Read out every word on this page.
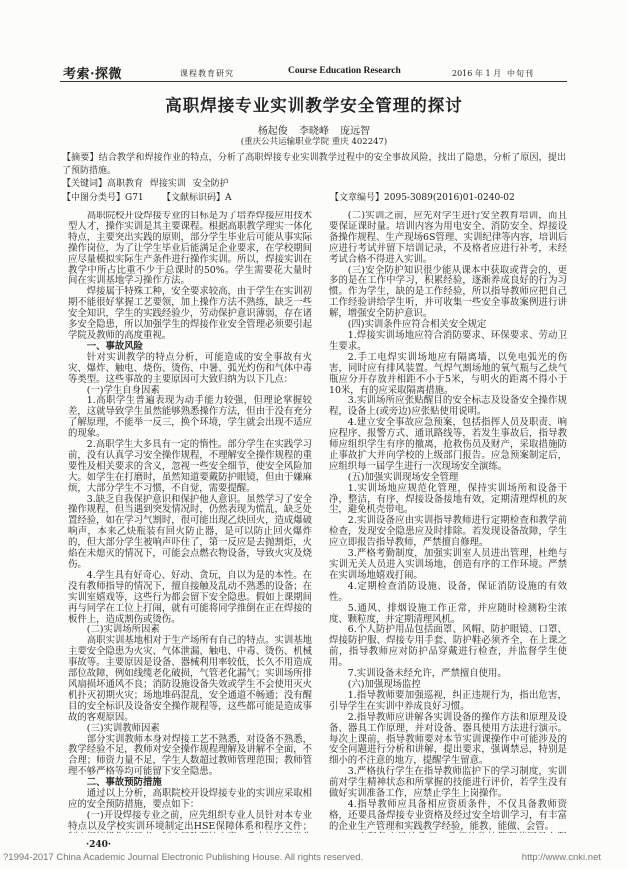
考索·探微	课程教育研究	Course Education Research	2016 年 1 月 中旬刊
高职焊接专业实训教学安全管理的探讨
杨起俊 李晓峰 庞远智
(重庆公共运输职业学院 重庆 402247)

【摘要】结合教学和焊接作业的特点，分析了高职焊接专业实训教学过程中的安全事故风险，找出了隐患，分析了原因，提出了预防措施。

【关键词】高职教育 焊接实训 安全防护

【中图分类号】G71 【文献标识码】A	【文章编号】2095-3089(2016)01-0240-02

高职院校开设焊接专业的目标是为了培养焊接应用技术型人才，操作实训是其主要课程。根据高职教学理实一体化特点，主要突出实践的原则，部分学生毕业后可能从事实际操作岗位，为了让学生毕业后能满足企业要求，在学校期间应尽量模拟实际生产条件进行操作实训。所以，焊接实训在教学中所占比重不少于总课时的50%。学生需要花大量时间在实训基地学习操作方法。

焊接属于特殊工种，安全要求较高，由于学生在实训初期不能很好掌握工艺要领，加上操作方法不熟练，缺乏一些安全知识，学生的实践经验少，劳动保护意识薄弱，存在诸多安全隐患，所以加强学生的焊接作业安全管理必须要引起学院及教师的高度重视。

一、事故风险

针对实训教学的特点分析，可能造成的安全事故有火灾、爆炸、触电、烧伤、烫伤、中暑、弧光灼伤和气体中毒等类型。这些事故的主要原因可大致归纳为以下几点：

(一)学生自身因素

1.高职学生普遍表现为动手能力较强，但理论掌握较差，这就导致学生虽然能够熟悉操作方法，但由于没有充分了解原理，不能举一反三，换个环境，学生就会出现不适应的现象。

2.高职学生大多具有一定的惰性。部分学生在实践学习前，没有认真学习安全操作规程，不理解安全操作规程的重要性及相关要求的含义，忽视一些安全细节，使安全风险加大。如学生在打磨时，虽然知道要戴防护眼镜，但由于嫌麻烦，大部分学生不习惯，不自觉，需要提醒。

3.缺乏自我保护意识和保护他人意识。虽然学习了安全操作规程，但当遇到突发情况时，仍然表现为慌乱，缺乏处置经验，如在学习气割时，很可能出现乙炔回火，造成爆破响声，本来乙炔瓶装有回火防止器，是可以防止回火爆炸的，但大部分学生被响声吓住了，第一反应是去抛割炬，火焰在未熄灭的情况下，可能会点燃衣物设备，导致火灾及烧伤。

4.学生具有好奇心、好动、贪玩，自以为是的本性。在没有教师指导的情况下，擅自接触及乱动不熟悉的设备；在实训室嬉戏等，这些行为都会留下安全隐患。假如上课期间再与同学在工位上打闹，就有可能将同学推倒在正在焊接的板件上，造成割伤或烫伤。

(二)实训场所因素

高职实训基地相对于生产场所有自己的特点。实训基地主要安全隐患为火灾、气体泄漏、触电、中毒、烫伤、机械事故等。主要原因是设备、器械利用率较低，长久不用造成部位故障，例如线缆老化破损，气管老化漏气；实训场所排风扇损坏通风不良；消防设施设备失效或学生不会使用灭火机扑灭初期火灾；场地堆码混乱，安全通道不畅通；没有醒目的安全标识及设备安全操作规程等，这些都可能是造成事故的客观原因。

(三)实训教师因素

部分实训教师本身对焊接工艺不熟悉，对设备不熟悉，教学经验不足，教师对安全操作规程理解及讲解不全面，不合理；师资力量不足，学生人数超过教师管理范围；教师管理不够严格等均可能留下安全隐患。

二、事故预防措施

通过以上分析，高职院校开设焊接专业的实训应采取相应的安全预防措施，要点如下：

(一)开设焊接专业之前，应先组织专业人员针对本专业特点以及学校实训环境制定出HSE保障体系和程序文件；

(二)实训之前，应先对学生进行安全教育培训，而且要保证课时量。培训内容为用电安全、消防安全、焊接设备操作规程、生产现场6S管理、实训纪律等内容，培训后应进行考试并留下培训记录，不及格者应进行补考，未经考试合格不得进入实训。

(三)安全防护知识很少能从课本中获取或背会的，更多的是在工作中学习，积累经验，逐渐养成良好的行为习惯。作为学生，缺的是工作经验，所以指导教师应把自己工作经验讲给学生听，并可收集一些安全事故案例进行讲解，增强安全防护意识。

(四)实训条件应符合相关安全规定

1.焊接实训场地应符合消防要求、环保要求、劳动卫生要求。

2.手工电焊实训场地应有隔离墙，以免电弧光的伤害，同时应有排风装置。气焊气割场地的氧气瓶与乙炔气瓶应分开存放并相距不小于5米，与明火的距离不得小于10米，有的应采取隔离措施。

3.实训场所应张贴醒目的安全标志及设备安全操作规程，设备上(或旁边)应张贴使用说明。

4.建立安全事故应急预案，包括指挥人员及职责、响应程序、报警方式、通讯路线等，若发生事故后，指导教师应组织学生有序的撤离，抢救伤员及财产，采取措施防止事故扩大并向学校的上级部门报告。应急预案制定后，应组织每一届学生进行一次现场安全演练。

(五)加强实训现场安全管理

1.实训场地应规范化管理，保持实训场所和设备干净，整洁，有序，焊接设备接地有效，定期清理焊机的灰尘，避免机壳带电。

2.实训设备应由实训指导教师进行定期检查和教学前检查，发现安全隐患应及时排除。若发现设备故障，学生应立即报告指导教师，严禁擅自修理。

3.严格考勤制度，加强实训室人员进出管理，杜绝与实训无关人员进入实训场地，创造有序的工作环境。严禁在实训场地嬉戏打闹。

4.定期检查消防设施、设备，保证消防设施的有效性。

5.通风、排烟设施工作正常，并应随时检测粉尘浓度、颗粒度，并定期清理风机。

6.个人防护用品包括面罩、风帽、防护眼镜、口罩、焊接防护服、焊接专用手套、防护鞋必须齐全，在上课之前，指导教师应对防护品穿戴进行检查，并监督学生使用。

7.实训设备未经允许，严禁擅自使用。

(六)加强现场监控

1.指导教师要加强巡视，纠正违规行为，指出危害，引导学生在实训中养成良好习惯。

2.指导教师应讲解各实训设备的操作方法和原理及设备、器具工作原理，并对设备、器具使用方法进行演示。每次上课前，指导教师要对本节实训课操作中可能涉及的安全问题进行分析和讲解，提出要求，强调禁忌，特别是细小的不注意的地方，提醒学生留意。

3.严格执行学生在指导教师监护下的学习制度，实训前对学生精神状态和所掌握的技能进行评价，若学生没有做好实训准备工作，应禁止学生上岗操作。

4.指导教师应具备相应资质条件，不仅具备教师资格，还要具备焊接专业资格及经过安全培训学习，有丰富的企业生产管理和实践教学经验，能教、能做、会管。

·240·
?1994-2017 China Academic Journal Electronic Publishing House. All rights reserved.	http://www.cnki.net
